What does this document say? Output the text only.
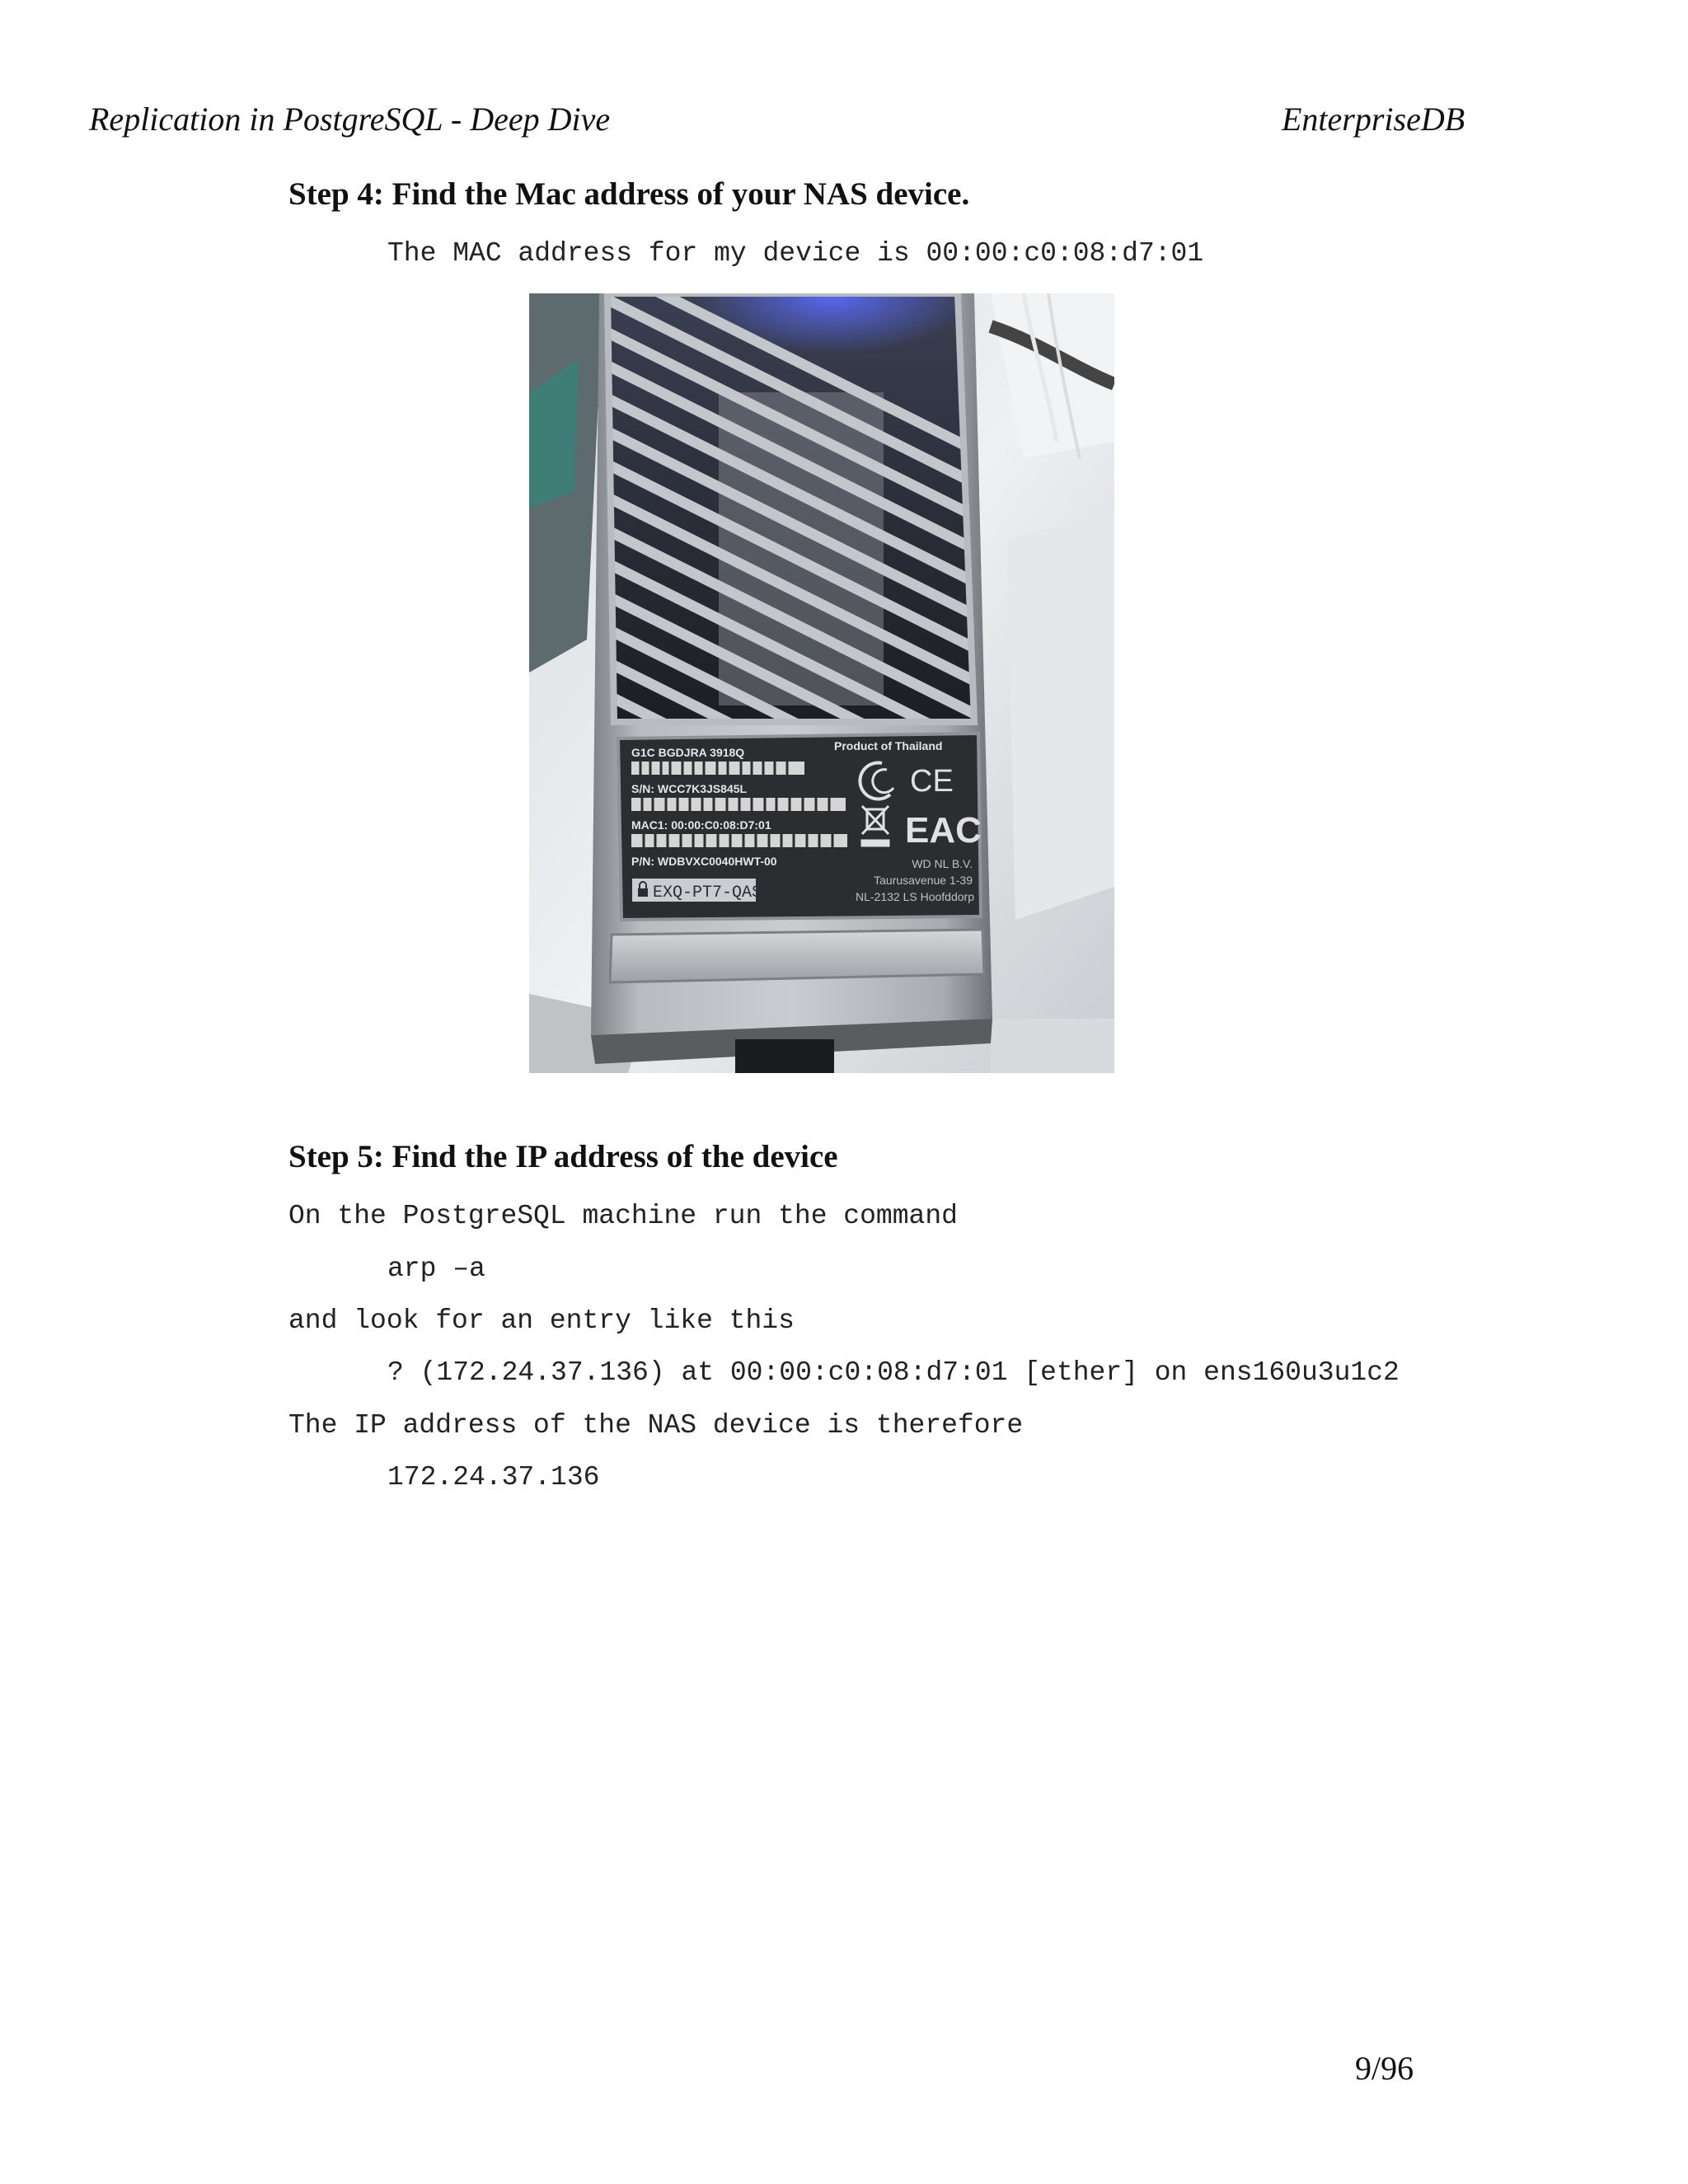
Replication in PostgreSQL - Deep Dive	EnterpriseDB
Step 4: Find the Mac address of your NAS device.
The MAC address for my device is 00:00:c0:08:d7:01
G1C BGDJRA 3918Q	Product of Thailand
S/N: WCC7K3JS845L
MAC1: 00:00:C0:08:D7:01
P/N: WDBVXC0040HWT-00
EXQ-PT7-QAS
CE
EAC
WD NL B.V.
Taurusavenue 1-39
NL-2132 LS Hoofddorp
Step 5: Find the IP address of the device
On the PostgreSQL machine run the command
arp –a
and look for an entry like this
? (172.24.37.136) at 00:00:c0:08:d7:01 [ether] on ens160u3u1c2
The IP address of the NAS device is therefore
172.24.37.136
9/96
